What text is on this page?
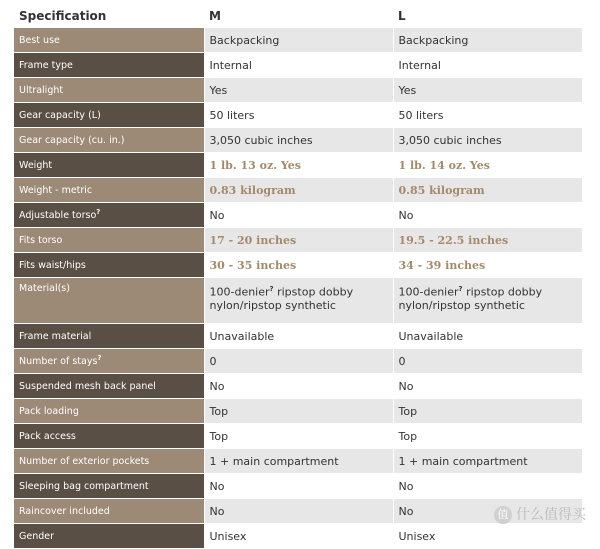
Specification	M	L
Best use	Backpacking	Backpacking
Frame type	Internal	Internal
Ultralight	Yes	Yes
Gear capacity (L)	50 liters	50 liters
Gear capacity (cu. in.)	3,050 cubic inches	3,050 cubic inches
Weight	1 lb. 13 oz. Yes	1 lb. 14 oz. Yes
Weight - metric	0.83 kilogram	0.85 kilogram
Adjustable torso?	No	No
Fits torso	17 - 20 inches	19.5 - 22.5 inches
Fits waist/hips	30 - 35 inches	34 - 39 inches
Material(s)	100-denier? ripstop dobby nylon/ripstop synthetic	100-denier? ripstop dobby nylon/ripstop synthetic
Frame material	Unavailable	Unavailable
Number of stays?	0	0
Suspended mesh back panel	No	No
Pack loading	Top	Top
Pack access	Top	Top
Number of exterior pockets	1 + main compartment	1 + main compartment
Sleeping bag compartment	No	No
Raincover included	No	No
Gender	Unisex	Unisex
值 什么值得买
